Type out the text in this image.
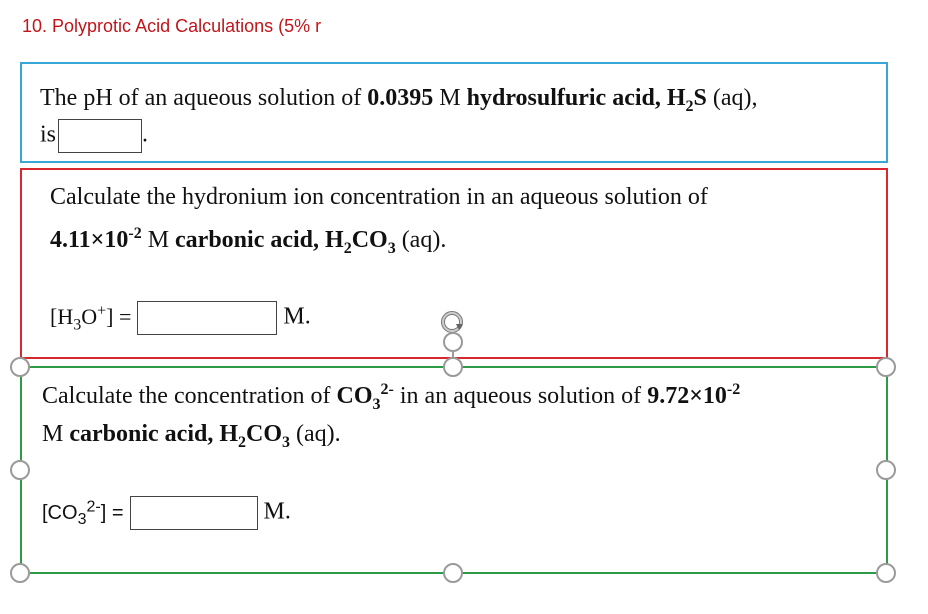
10. Polyprotic Acid Calculations (5% r
The pH of an aqueous solution of 0.0395 M hydrosulfuric acid, $H_2S$ (aq),
is	.
Calculate the hydronium ion concentration in an aqueous solution of
$4.11\times 10^{-2}$ M carbonic acid, $H_2CO_3$ (aq).
$[H_3O^+]$ =	M.
Calculate the concentration of $CO_3^{2-}$ in an aqueous solution of $9.72\times 10^{-2}$
M carbonic acid, $H_2CO_3$ (aq).
$[CO_3^{2-}]$ =	M.
